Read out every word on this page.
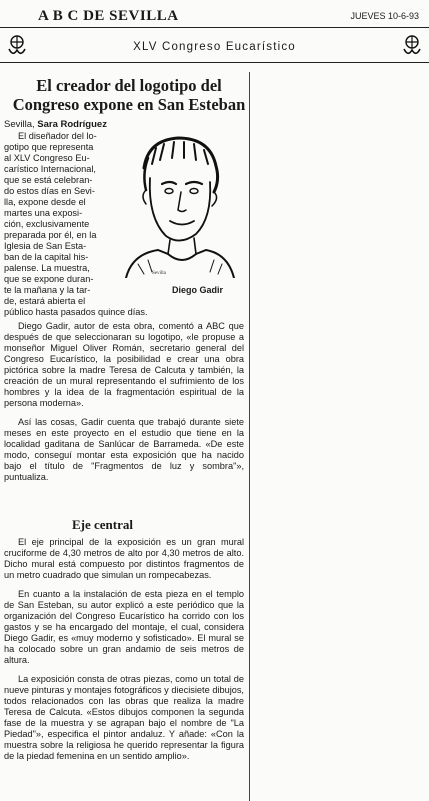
A B C DE SEVILLA	JUEVES 10-6-93
XLV Congreso Eucarístico
El creador del logotipo del
Congreso expone en San Esteban
Sevilla, Sara Rodríguez
El diseñador del lo-
gotipo que representa
al XLV Congreso Eu-
carístico Internacional,
que se está celebran-
do estos días en Sevi-
lla, expone desde el
martes una exposi-
ción, exclusivamente
preparada por él, en la
Iglesia de San Esta-
ban de la capital his-
palense. La muestra,
que se expone duran-
te la mañana y la tar-
de, estará abierta el
público hasta pasados quince días.
Sevilla
Diego Gadir

Diego Gadir, autor de esta obra, comentó a ABC que después de que seleccionaran su logotipo, «le propuse a monseñor Miguel Oliver Román, secretario general del Congreso Eucarístico, la posibilidad e crear una obra pictórica sobre la madre Teresa de Calcuta y también, la creación de un mural representando el sufrimiento de los hombres y la idea de la fragmentación espiritual de la persona moderna».

Así las cosas, Gadir cuenta que trabajó durante siete meses en este proyecto en el estudio que tiene en la localidad gaditana de Sanlúcar de Barrameda. «De este modo, conseguí montar esta exposición que ha nacido bajo el título de "Fragmentos de luz y sombra"», puntualiza.

Eje central

El eje principal de la exposición es un gran mural cruciforme de 4,30 metros de alto por 4,30 metros de alto. Dicho mural está compuesto por distintos fragmentos de un metro cuadrado que simulan un rompecabezas.

En cuanto a la instalación de esta pieza en el templo de San Esteban, su autor explicó a este periódico que la organización del Congreso Eucarístico ha corrido con los gastos y se ha encargado del montaje, el cual, considera Diego Gadir, es «muy moderno y sofisticado». El mural se ha colocado sobre un gran andamio de seis metros de altura.

La exposición consta de otras piezas, como un total de nueve pinturas y montajes fotográficos y diecisiete dibujos, todos relacionados con las obras que realiza la madre Teresa de Calcuta. «Estos dibujos componen la segunda fase de la muestra y se agrapan bajo el nombre de "La Piedad"», especifica el pintor andaluz. Y añade: «Con la muestra sobre la religiosa he querido representar la figura de la piedad femenina en un sentido amplio».
